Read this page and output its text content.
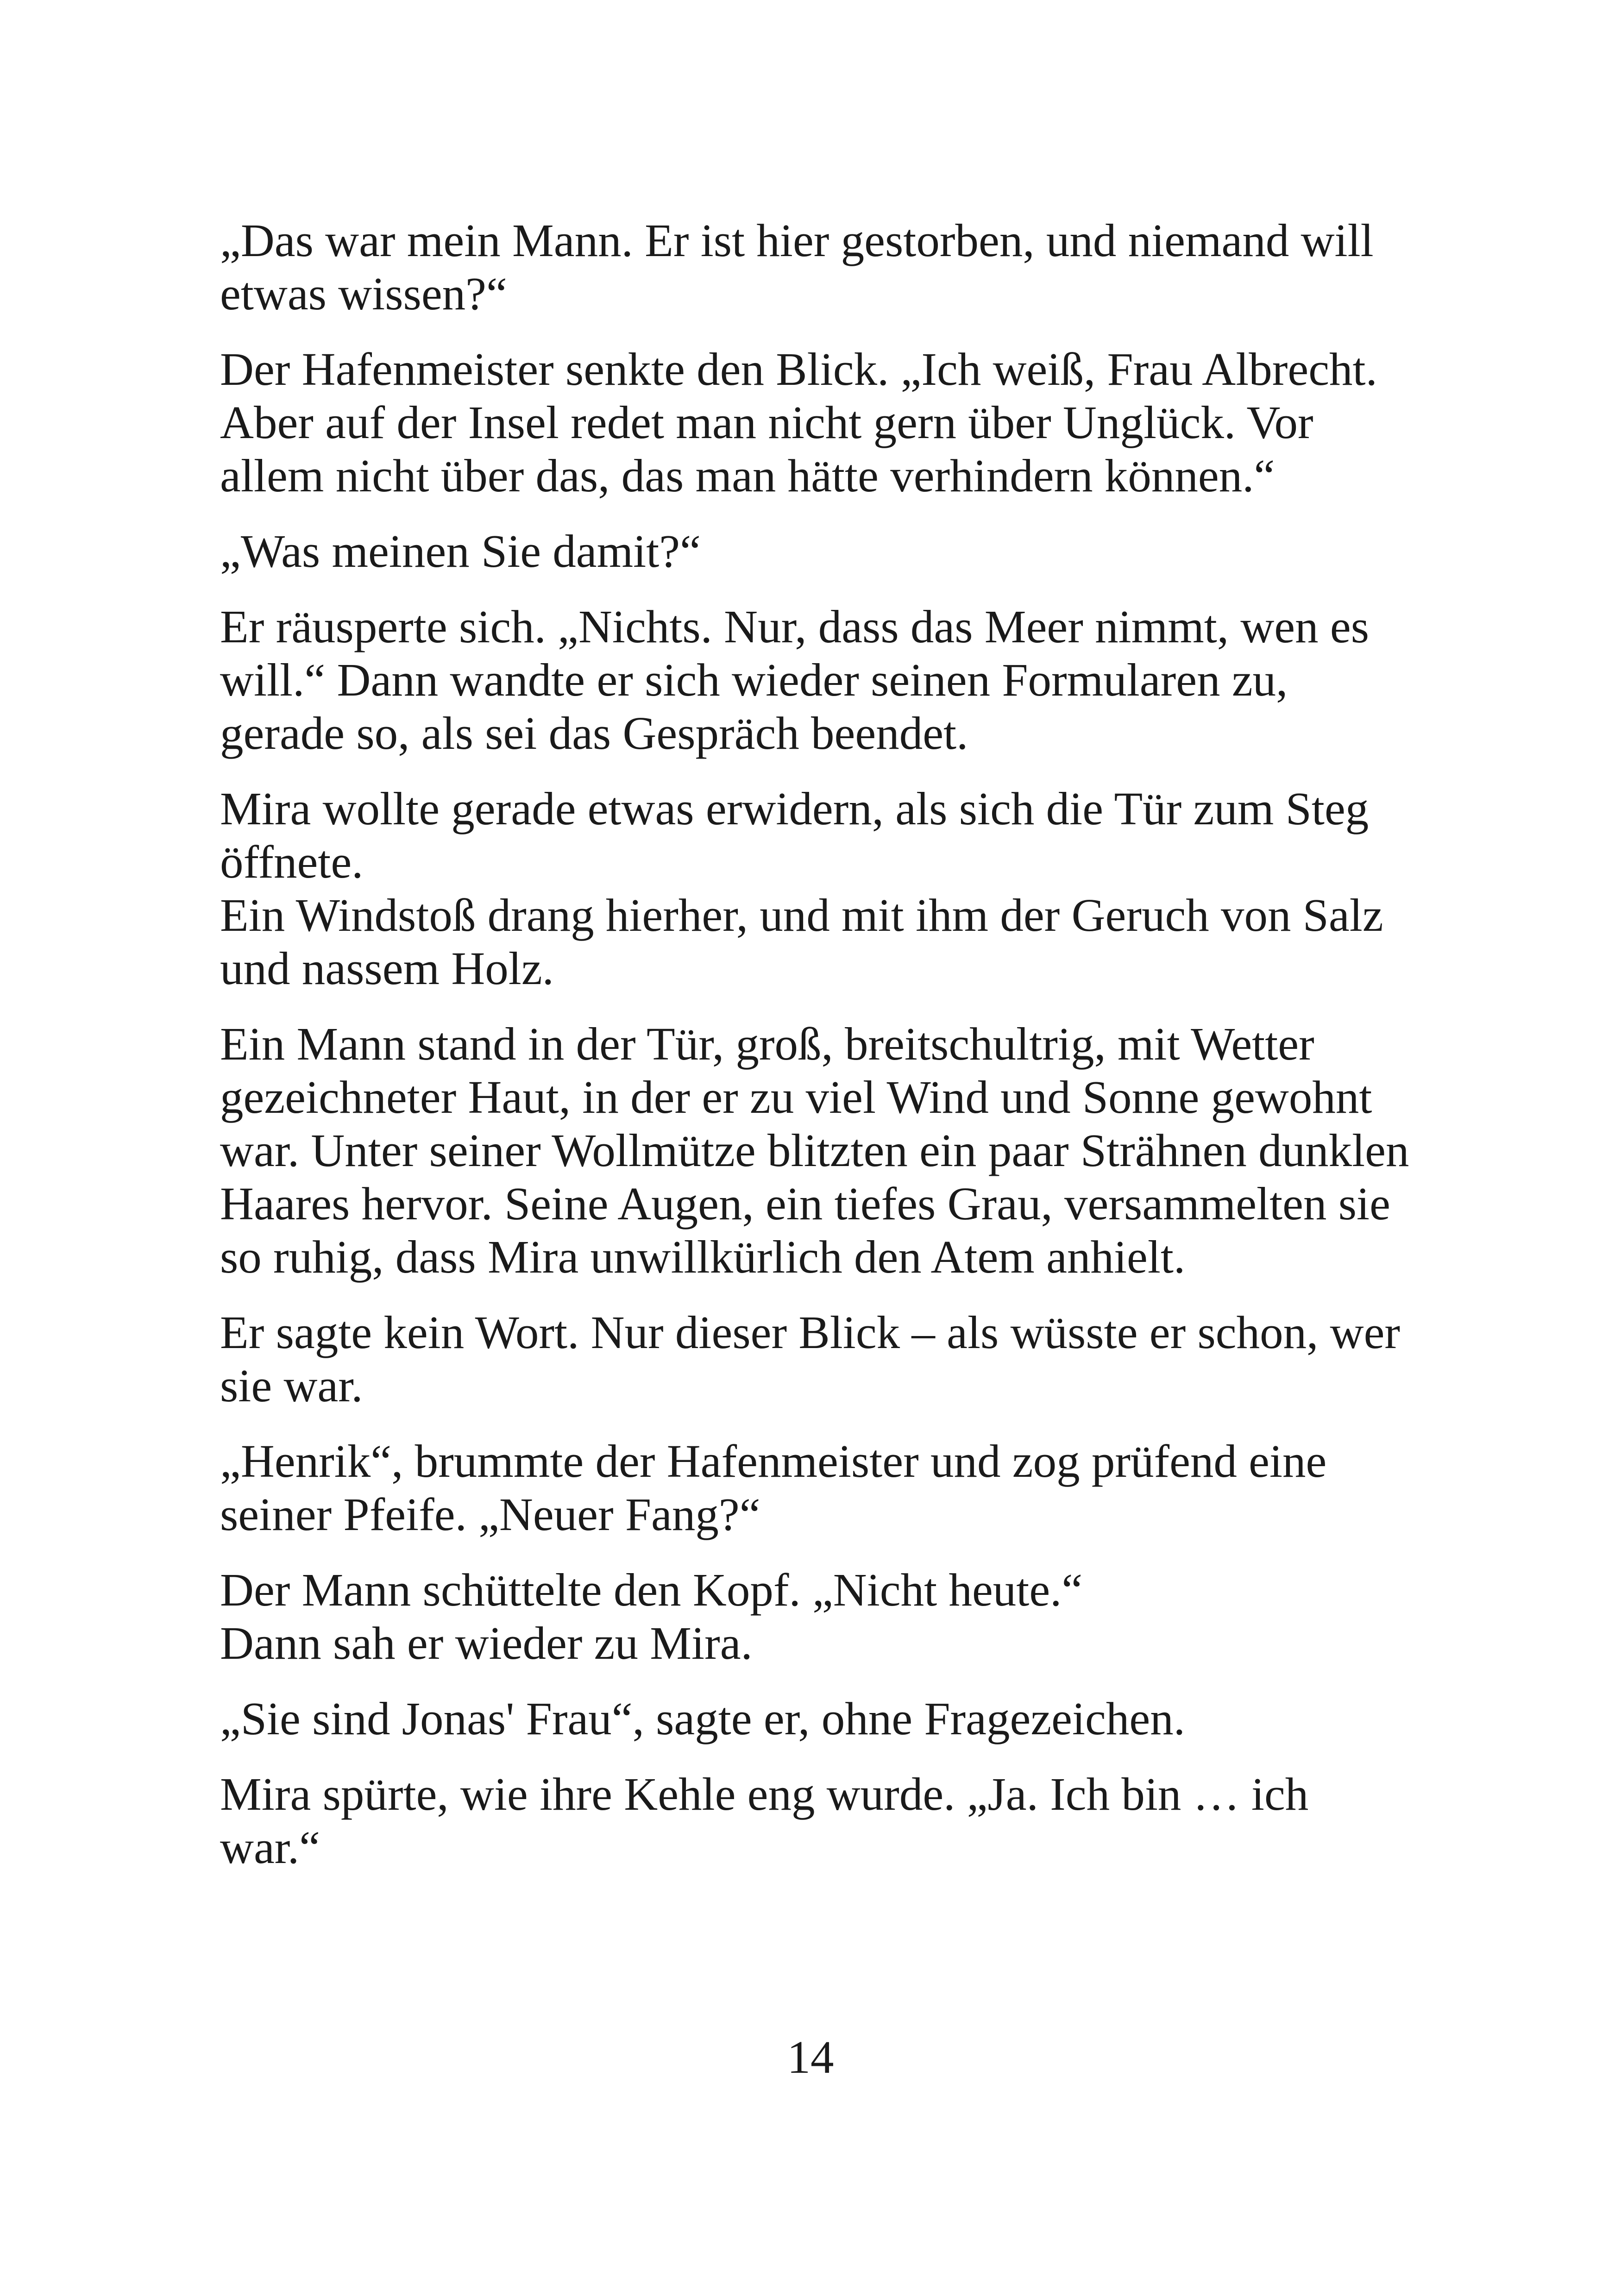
„Das war mein Mann. Er ist hier gestorben, und niemand will
etwas wissen?“

Der Hafenmeister senkte den Blick. „Ich weiß, Frau Albrecht.
Aber auf der Insel redet man nicht gern über Unglück. Vor
allem nicht über das, das man hätte verhindern können.“

„Was meinen Sie damit?“

Er räusperte sich. „Nichts. Nur, dass das Meer nimmt, wen es
will.“ Dann wandte er sich wieder seinen Formularen zu,
gerade so, als sei das Gespräch beendet.

Mira wollte gerade etwas erwidern, als sich die Tür zum Steg
öffnete.
Ein Windstoß drang hierher, und mit ihm der Geruch von Salz
und nassem Holz.

Ein Mann stand in der Tür, groß, breitschultrig, mit Wetter
gezeichneter Haut, in der er zu viel Wind und Sonne gewohnt
war. Unter seiner Wollmütze blitzten ein paar Strähnen dunklen
Haares hervor. Seine Augen, ein tiefes Grau, versammelten sie
so ruhig, dass Mira unwillkürlich den Atem anhielt.

Er sagte kein Wort. Nur dieser Blick – als wüsste er schon, wer
sie war.

„Henrik“, brummte der Hafenmeister und zog prüfend eine
seiner Pfeife. „Neuer Fang?“

Der Mann schüttelte den Kopf. „Nicht heute.“
Dann sah er wieder zu Mira.

„Sie sind Jonas' Frau“, sagte er, ohne Fragezeichen.

Mira spürte, wie ihre Kehle eng wurde. „Ja. Ich bin … ich
war.“

14
